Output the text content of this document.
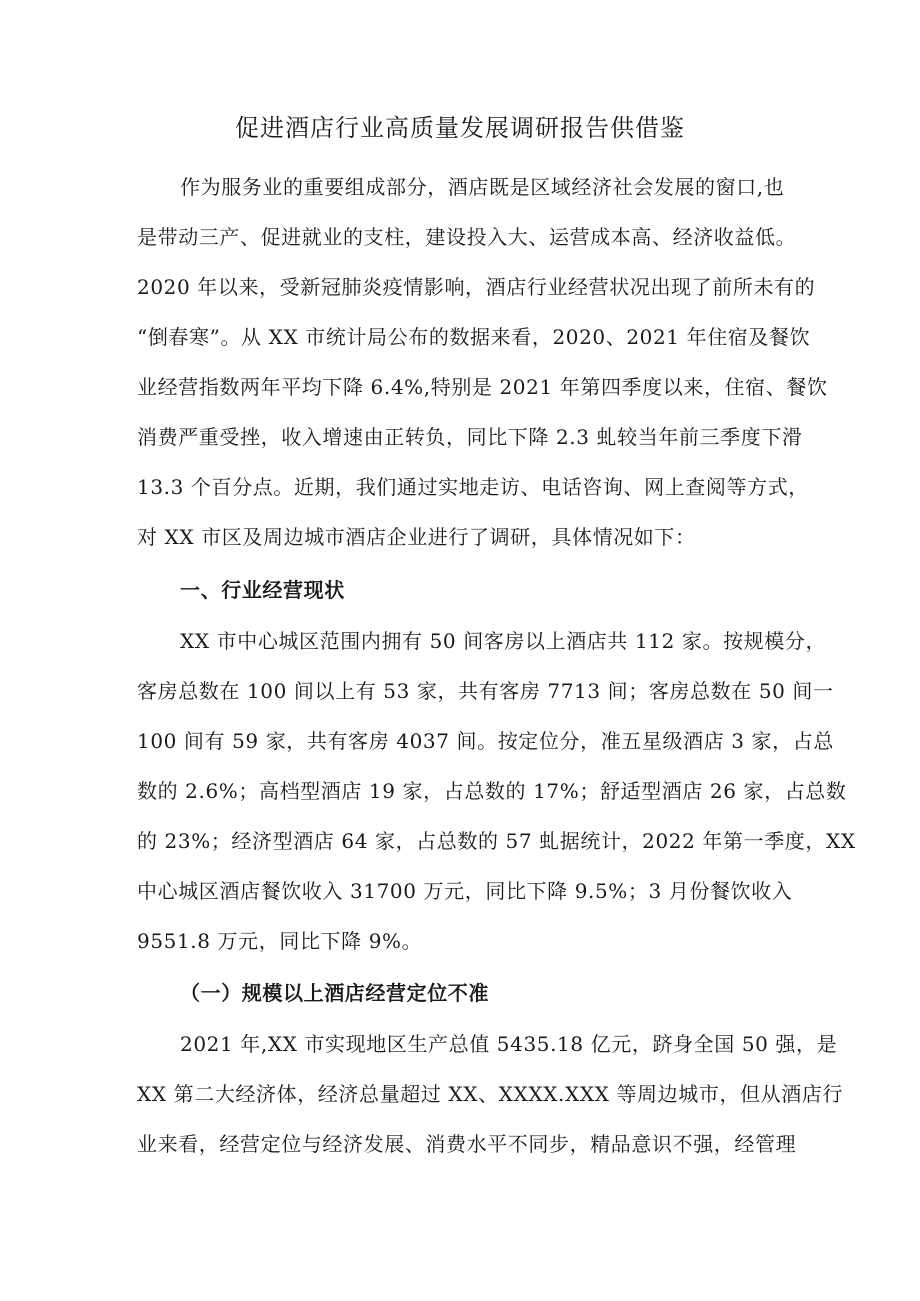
促进酒店行业高质量发展调研报告供借鉴
作为服务业的重要组成部分，酒店既是区域经济社会发展的窗口,也
是带动三产、促进就业的支柱，建设投入大、运营成本高、经济收益低。
2020 年以来，受新冠肺炎疫情影响，酒店行业经营状况出现了前所未有的
“倒春寒”。从 XX 市统计局公布的数据来看，2020、2021 年住宿及餐饮
业经营指数两年平均下降 6.4%,特别是 2021 年第四季度以来，住宿、餐饮
消费严重受挫，收入增速由正转负，同比下降 2.3 虬较当年前三季度下滑
13.3 个百分点。近期，我们通过实地走访、电话咨询、网上查阅等方式，
对 XX 市区及周边城市酒店企业进行了调研，具体情况如下：
一、行业经营现状
XX 市中心城区范围内拥有 50 间客房以上酒店共 112 家。按规模分，
客房总数在 100 间以上有 53 家，共有客房 7713 间；客房总数在 50 间一
100 间有 59 家，共有客房 4037 间。按定位分，准五星级酒店 3 家，占总
数的 2.6%；高档型酒店 19 家，占总数的 17%；舒适型酒店 26 家，占总数
的 23%；经济型酒店 64 家，占总数的 57 虬据统计，2022 年第一季度，XX
中心城区酒店餐饮收入 31700 万元，同比下降 9.5%；3 月份餐饮收入
9551.8 万元，同比下降 9%。
（一）规模以上酒店经营定位不准
2021 年,XX 市实现地区生产总值 5435.18 亿元，跻身全国 50 强，是
XX 第二大经济体，经济总量超过 XX、XXXX.XXX 等周边城市，但从酒店行
业来看，经营定位与经济发展、消费水平不同步，精品意识不强，经管理
